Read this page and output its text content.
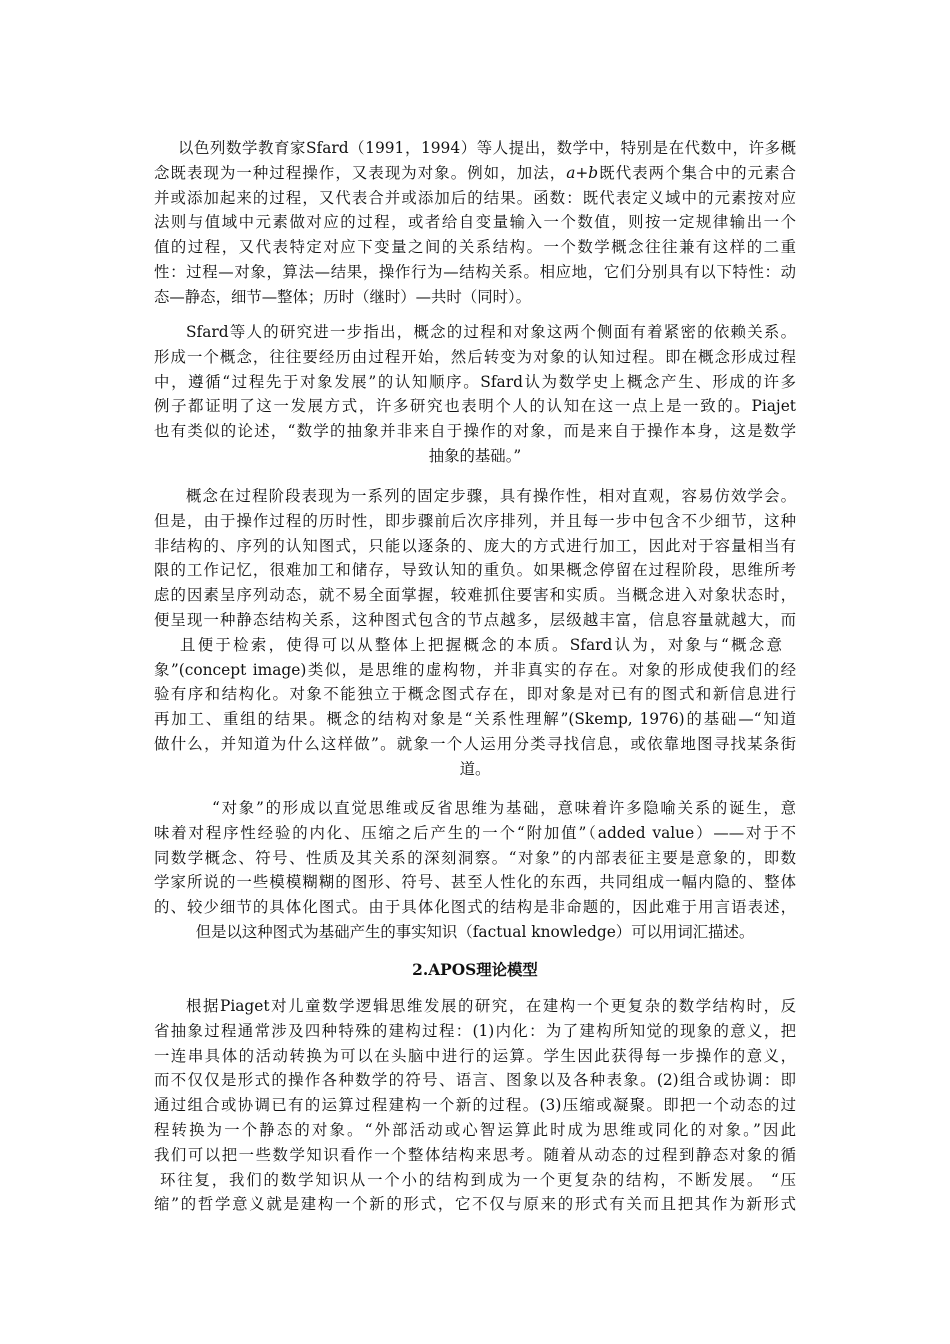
以色列数学教育家Sfard（1991，1994）等人提出，数学中，特别是在代数中，许多概
念既表现为一种过程操作，又表现为对象。例如，加法，a+b既代表两个集合中的元素合
并或添加起来的过程，又代表合并或添加后的结果。函数：既代表定义域中的元素按对应
法则与值域中元素做对应的过程，或者给自变量输入一个数值，则按一定规律输出一个
值的过程，又代表特定对应下变量之间的关系结构。一个数学概念往往兼有这样的二重
性：过程—对象，算法—结果，操作行为—结构关系。相应地，它们分别具有以下特性：动
态—静态，细节—整体；历时（继时）—共时（同时）。
Sfard等人的研究进一步指出，概念的过程和对象这两个侧面有着紧密的依赖关系。
形成一个概念，往往要经历由过程开始，然后转变为对象的认知过程。即在概念形成过程
中，遵循“过程先于对象发展”的认知顺序。Sfard认为数学史上概念产生、形成的许多
例子都证明了这一发展方式，许多研究也表明个人的认知在这一点上是一致的。Piajet
也有类似的论述，“数学的抽象并非来自于操作的对象，而是来自于操作本身，这是数学
抽象的基础。”
概念在过程阶段表现为一系列的固定步骤，具有操作性，相对直观，容易仿效学会。
但是，由于操作过程的历时性，即步骤前后次序排列，并且每一步中包含不少细节，这种
非结构的、序列的认知图式，只能以逐条的、庞大的方式进行加工，因此对于容量相当有
限的工作记忆，很难加工和储存，导致认知的重负。如果概念停留在过程阶段，思维所考
虑的因素呈序列动态，就不易全面掌握，较难抓住要害和实质。当概念进入对象状态时，
便呈现一种静态结构关系，这种图式包含的节点越多，层级越丰富，信息容量就越大，而
且便于检索，使得可以从整体上把握概念的本质。Sfard认为，对象与“概念意
象”(concept image)类似，是思维的虚构物，并非真实的存在。对象的形成使我们的经
验有序和结构化。对象不能独立于概念图式存在，即对象是对已有的图式和新信息进行
再加工、重组的结果。概念的结构对象是“关系性理解”(Skemp, 1976)的基础—“知道
做什么，并知道为什么这样做”。就象一个人运用分类寻找信息，或依靠地图寻找某条街
道。
“对象”的形成以直觉思维或反省思维为基础，意味着许多隐喻关系的诞生，意
味着对程序性经验的内化、压缩之后产生的一个“附加值”（added value）——对于不
同数学概念、符号、性质及其关系的深刻洞察。“对象”的内部表征主要是意象的，即数
学家所说的一些模模糊糊的图形、符号、甚至人性化的东西，共同组成一幅内隐的、整体
的、较少细节的具体化图式。由于具体化图式的结构是非命题的，因此难于用言语表述，
但是以这种图式为基础产生的事实知识（factual knowledge）可以用词汇描述。
2.APOS理论模型
根据Piaget对儿童数学逻辑思维发展的研究，在建构一个更复杂的数学结构时，反
省抽象过程通常涉及四种特殊的建构过程：(1)内化：为了建构所知觉的现象的意义，把
一连串具体的活动转换为可以在头脑中进行的运算。学生因此获得每一步操作的意义，
而不仅仅是形式的操作各种数学的符号、语言、图象以及各种表象。(2)组合或协调：即
通过组合或协调已有的运算过程建构一个新的过程。(3)压缩或凝聚。即把一个动态的过
程转换为一个静态的对象。“外部活动或心智运算此时成为思维或同化的对象。”因此
我们可以把一些数学知识看作一个整体结构来思考。随着从动态的过程到静态对象的循
环往复，我们的数学知识从一个小的结构到成为一个更复杂的结构，不断发展。 “压
缩”的哲学意义就是建构一个新的形式，它不仅与原来的形式有关而且把其作为新形式
